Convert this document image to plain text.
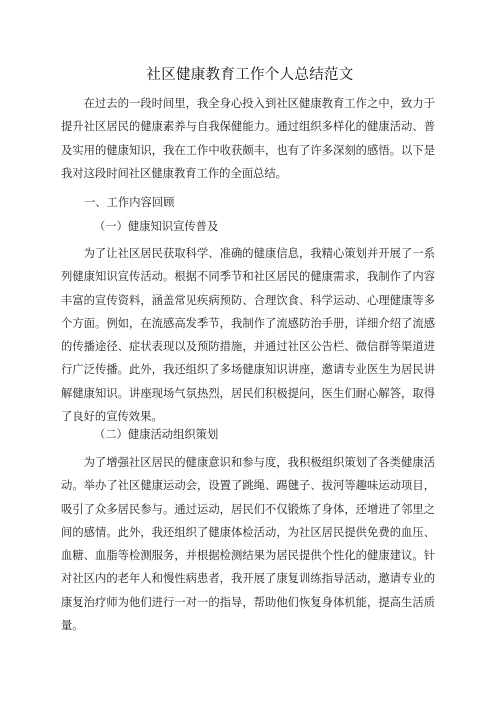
社区健康教育工作个人总结范文

在过去的一段时间里，我全身心投入到社区健康教育工作之中，致力于提升社区居民的健康素养与自我保健能力。通过组织多样化的健康活动、普及实用的健康知识，我在工作中收获颇丰，也有了许多深刻的感悟。以下是我对这段时间社区健康教育工作的全面总结。

一、工作内容回顾
（一）健康知识宣传普及

为了让社区居民获取科学、准确的健康信息，我精心策划并开展了一系列健康知识宣传活动。根据不同季节和社区居民的健康需求，我制作了内容丰富的宣传资料，涵盖常见疾病预防、合理饮食、科学运动、心理健康等多个方面。例如，在流感高发季节，我制作了流感防治手册，详细介绍了流感的传播途径、症状表现以及预防措施，并通过社区公告栏、微信群等渠道进行广泛传播。此外，我还组织了多场健康知识讲座，邀请专业医生为居民讲解健康知识。讲座现场气氛热烈，居民们积极提问，医生们耐心解答，取得了良好的宣传效果。

（二）健康活动组织策划

为了增强社区居民的健康意识和参与度，我积极组织策划了各类健康活动。举办了社区健康运动会，设置了跳绳、踢毽子、拔河等趣味运动项目，吸引了众多居民参与。通过运动，居民们不仅锻炼了身体，还增进了邻里之间的感情。此外，我还组织了健康体检活动，为社区居民提供免费的血压、血糖、血脂等检测服务，并根据检测结果为居民提供个性化的健康建议。针对社区内的老年人和慢性病患者，我开展了康复训练指导活动，邀请专业的康复治疗师为他们进行一对一的指导，帮助他们恢复身体机能，提高生活质量。
